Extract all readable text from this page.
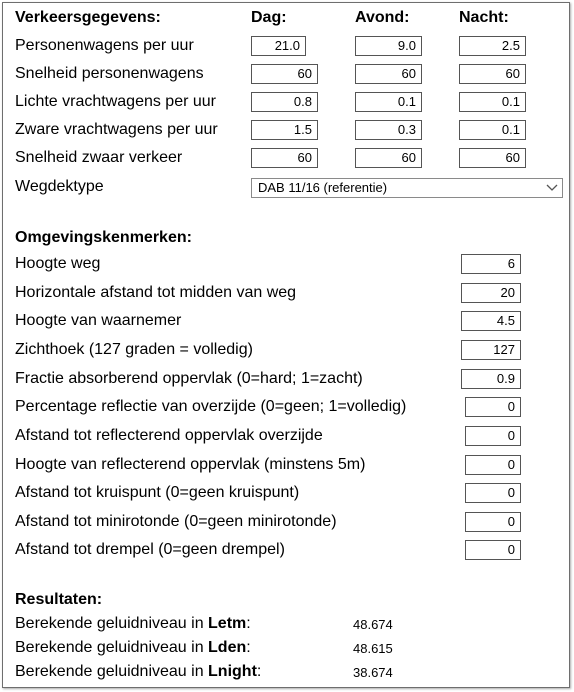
Verkeersgegevens:	Dag:	Avond:	Nacht:
Personenwagens per uur	21.0	9.0	2.5
Snelheid personenwagens	60	60	60
Lichte vrachtwagens per uur	0.8	0.1	0.1
Zware vrachtwagens per uur	1.5	0.3	0.1
Snelheid zwaar verkeer	60	60	60
Wegdektype	DAB 11/16 (referentie)
Omgevingskenmerken:
Hoogte weg	6
Horizontale afstand tot midden van weg	20
Hoogte van waarnemer	4.5
Zichthoek (127 graden = volledig)	127
Fractie absorberend oppervlak (0=hard; 1=zacht)	0.9
Percentage reflectie van overzijde (0=geen; 1=volledig)	0
Afstand tot reflecterend oppervlak overzijde	0
Hoogte van reflecterend oppervlak (minstens 5m)	0
Afstand tot kruispunt (0=geen kruispunt)	0
Afstand tot minirotonde (0=geen minirotonde)	0
Afstand tot drempel (0=geen drempel)	0
Resultaten:
Berekende geluidniveau in Letm:	48.674
Berekende geluidniveau in Lden:	48.615
Berekende geluidniveau in Lnight:	38.674
